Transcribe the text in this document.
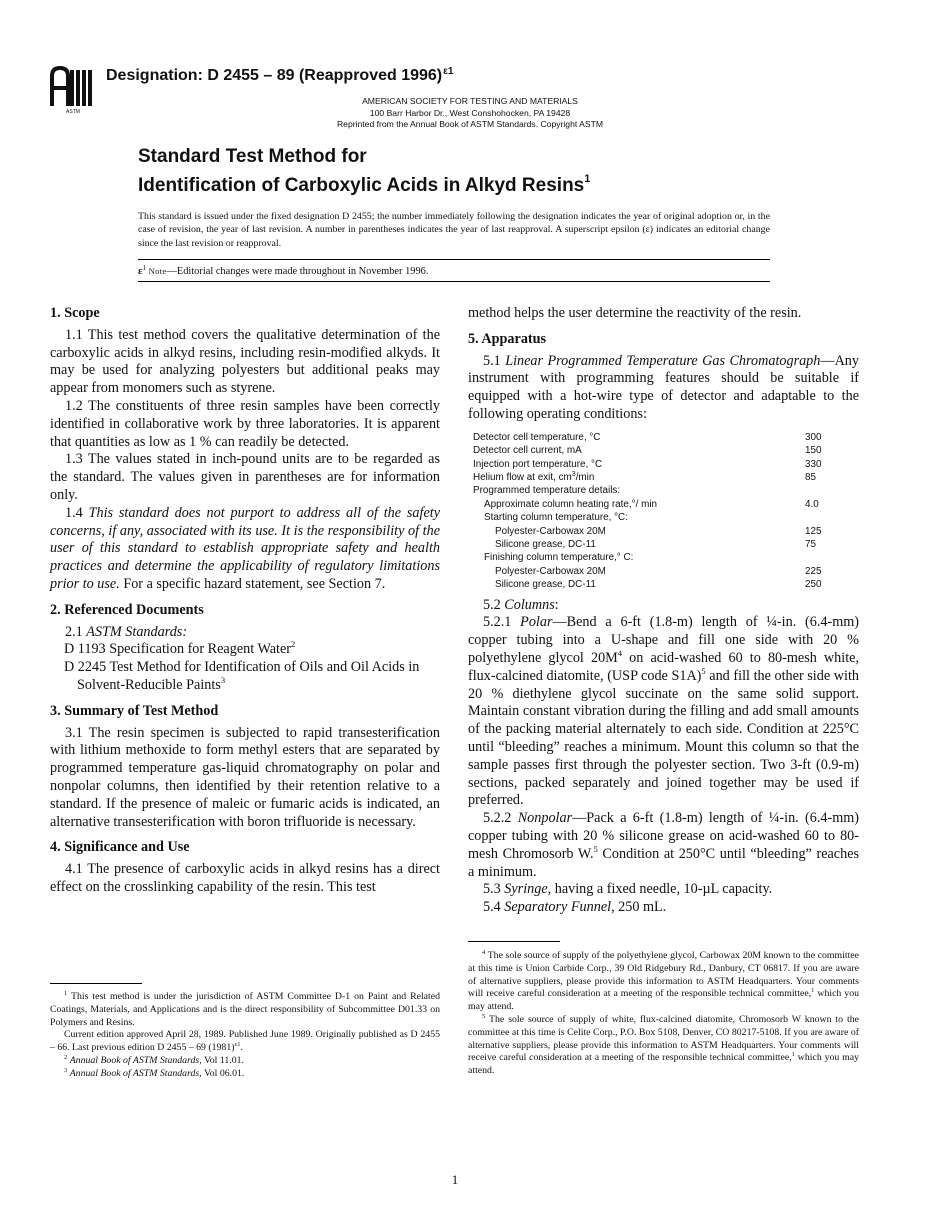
ASTM
Designation: D 2455 – 89 (Reapproved 1996)$^{\varepsilon 1}$
AMERICAN SOCIETY FOR TESTING AND MATERIALS
100 Barr Harbor Dr., West Conshohocken, PA 19428
Reprinted from the Annual Book of ASTM Standards. Copyright ASTM
Standard Test Method for
Identification of Carboxylic Acids in Alkyd Resins$^1$
This standard is issued under the fixed designation D 2455; the number immediately following the designation indicates the year of original adoption or, in the case of revision, the year of last revision. A number in parentheses indicates the year of last reapproval. A superscript epsilon (ε) indicates an editorial change since the last revision or reapproval.
$\varepsilon^1$ Note—Editorial changes were made throughout in November 1996.
1. Scope

1.1 This test method covers the qualitative determination of the carboxylic acids in alkyd resins, including resin-modified alkyds. It may be used for analyzing polyesters but additional peaks may appear from monomers such as styrene.

1.2 The constituents of three resin samples have been correctly identified in collaborative work by three laboratories. It is apparent that quantities as low as 1 % can readily be detected.

1.3 The values stated in inch-pound units are to be regarded as the standard. The values given in parentheses are for information only.

1.4 This standard does not purport to address all of the safety concerns, if any, associated with its use. It is the responsibility of the user of this standard to establish appropriate safety and health practices and determine the applicability of regulatory limitations prior to use. For a specific hazard statement, see Section 7.

2. Referenced Documents

2.1 ASTM Standards:

D 1193 Specification for Reagent Water$^2$

D 2245 Test Method for Identification of Oils and Oil Acids in Solvent-Reducible Paints$^3$

3. Summary of Test Method

3.1 The resin specimen is subjected to rapid transesterification with lithium methoxide to form methyl esters that are separated by programmed temperature gas-liquid chromatography on polar and nonpolar columns, then identified by their retention relative to a standard. If the presence of maleic or fumaric acids is indicated, an alternative transesterification with boron trifluoride is necessary.

4. Significance and Use

4.1 The presence of carboxylic acids in alkyd resins has a direct effect on the crosslinking capability of the resin. This test

method helps the user determine the reactivity of the resin.

5. Apparatus

5.1 Linear Programmed Temperature Gas Chromatograph—Any instrument with programming features should be suitable if equipped with a hot-wire type of detector and adaptable to the following operating conditions:

Detector cell temperature, °C	300
Detector cell current, mA	150
Injection port temperature, °C	330
Helium flow at exit, $cm^3/\min$	85
Programmed temperature details:	
Approximate column heating rate,°/ min	4.0
Starting column temperature, °C:	
Polyester-Carbowax 20M	125
Silicone grease, DC-11	75
Finishing column temperature,° C:	
Polyester-Carbowax 20M	225
Silicone grease, DC-11	250

5.2 Columns:

5.2.1 Polar—Bend a 6-ft (1.8-m) length of ¼-in. (6.4-mm) copper tubing into a U-shape and fill one side with 20 % polyethylene glycol $20M^4$ on acid-washed 60 to 80-mesh white, flux-calcined diatomite, (USP code S1A)$^5$ and fill the other side with 20 % diethylene glycol succinate on the same solid support. Maintain constant vibration during the filling and add small amounts of the packing material alternately to each side. Condition at 225°C until “bleeding” reaches a minimum. Mount this column so that the sample passes first through the polyester section. Two 3-ft (0.9-m) sections, packed separately and joined together may be used if preferred.

5.2.2 Nonpolar—Pack a 6-ft (1.8-m) length of ¼-in. (6.4-mm) copper tubing with 20 % silicone grease on acid-washed 60 to 80-mesh Chromosorb W.$^5$ Condition at 250°C until “bleeding” reaches a minimum.

5.3 Syringe, having a fixed needle, 10-µL capacity.

5.4 Separatory Funnel, 250 mL.

$^1$ This test method is under the jurisdiction of ASTM Committee D-1 on Paint and Related Coatings, Materials, and Applications and is the direct responsibility of Subcommittee D01.33 on Polymers and Resins.

Current edition approved April 28, 1989. Published June 1989. Originally published as D 2455 – 66. Last previous edition D 2455 – 69 $(1981)^{\varepsilon 1}$.

$^2$ Annual Book of ASTM Standards, Vol 11.01.

$^3$ Annual Book of ASTM Standards, Vol 06.01.

$^4$ The sole source of supply of the polyethylene glycol, Carbowax 20M known to the committee at this time is Union Carbide Corp., 39 Old Ridgebury Rd., Danbury, CT 06817. If you are aware of alternative suppliers, please provide this information to ASTM Headquarters. Your comments will receive careful consideration at a meeting of the responsible technical committee,$^1$ which you may attend.

$^5$ The sole source of supply of white, flux-calcined diatomite, Chromosorb W known to the committee at this time is Celite Corp., P.O. Box 5108, Denver, CO 80217-5108. If you are aware of alternative suppliers, please provide this information to ASTM Headquarters. Your comments will receive careful consideration at a meeting of the responsible technical committee,$^1$ which you may attend.

1
